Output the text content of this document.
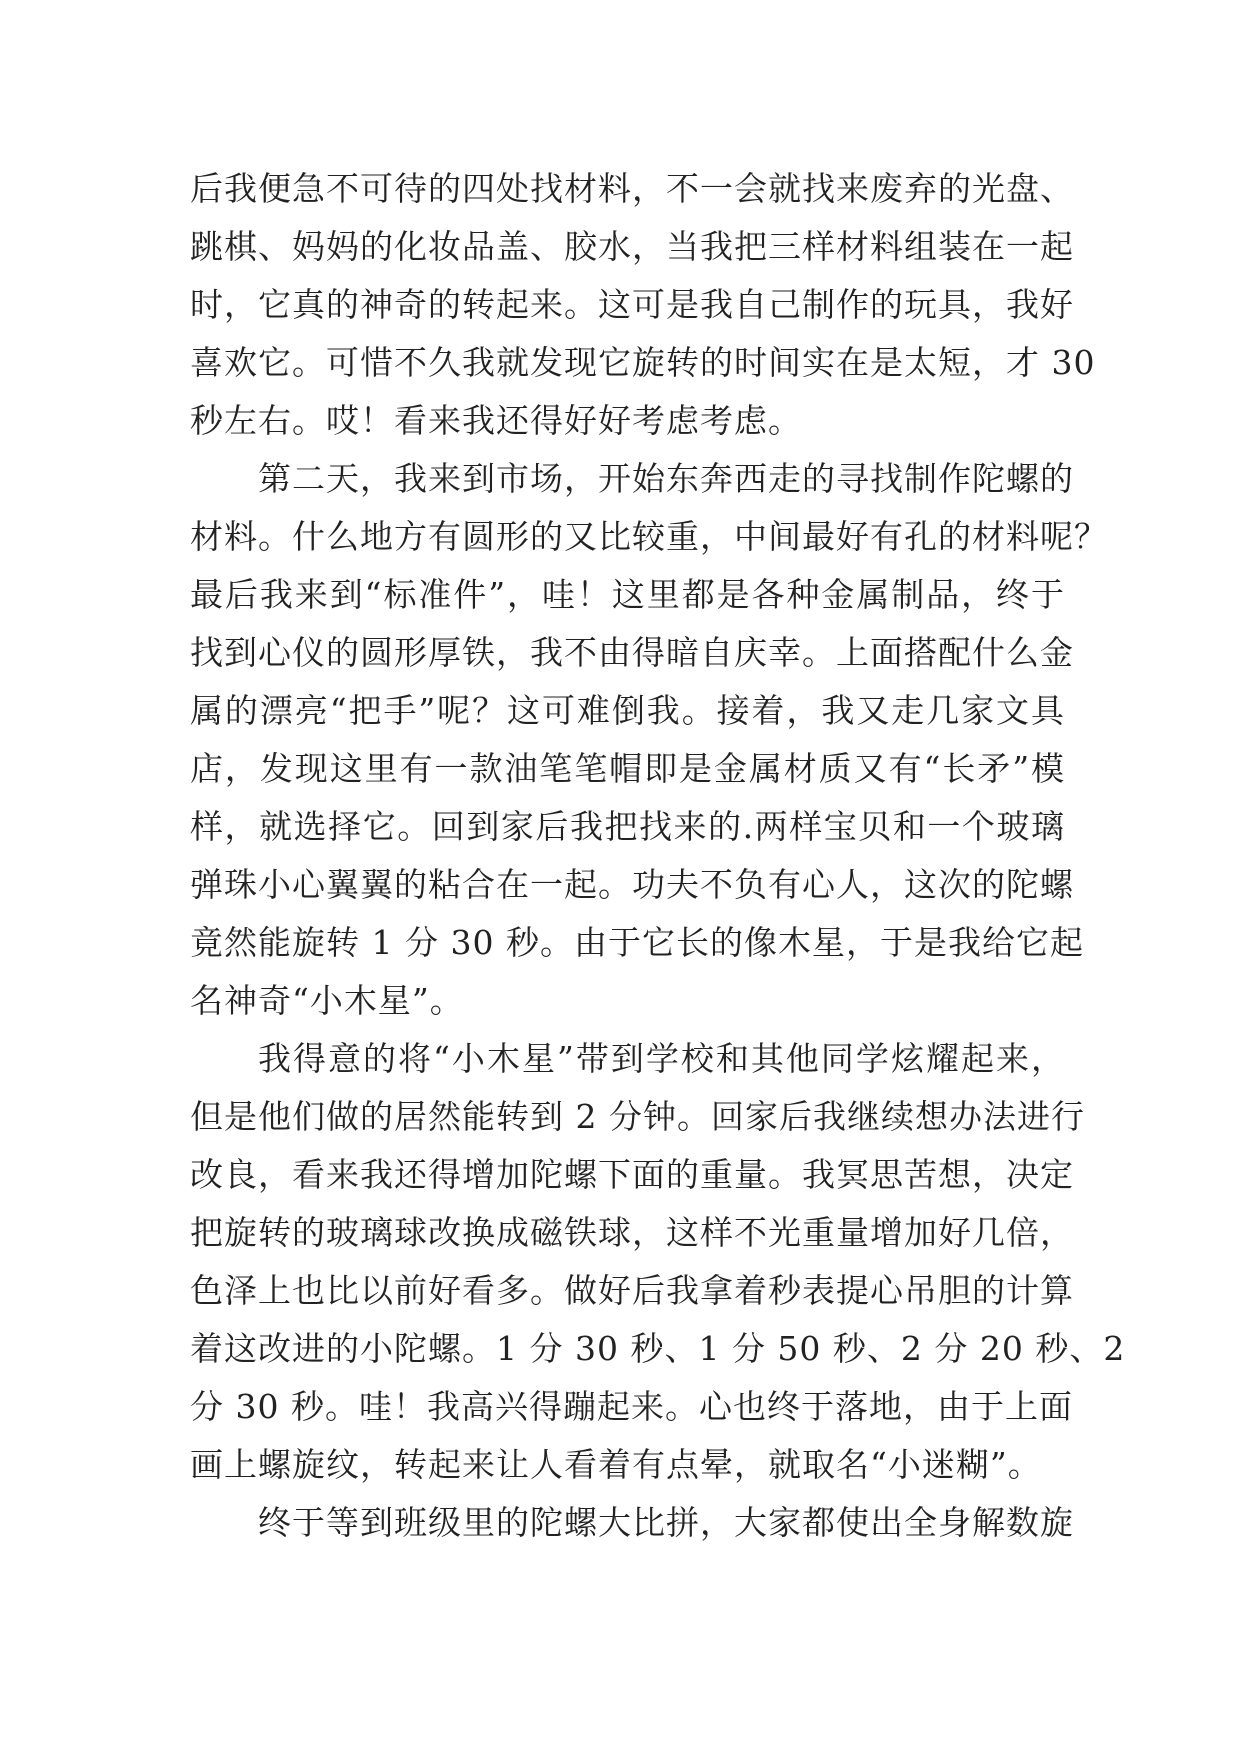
后我便急不可待的四处找材料，不一会就找来废弃的光盘、
跳棋、妈妈的化妆品盖、胶水，当我把三样材料组装在一起
时，它真的神奇的转起来。这可是我自己制作的玩具，我好
喜欢它。可惜不久我就发现它旋转的时间实在是太短，才 30
秒左右。哎！看来我还得好好考虑考虑。
第二天，我来到市场，开始东奔西走的寻找制作陀螺的
材料。什么地方有圆形的又比较重，中间最好有孔的材料呢？
最后我来到“标准件”，哇！这里都是各种金属制品，终于
找到心仪的圆形厚铁，我不由得暗自庆幸。上面搭配什么金
属的漂亮“把手”呢？这可难倒我。接着，我又走几家文具
店，发现这里有一款油笔笔帽即是金属材质又有“长矛”模
样，就选择它。回到家后我把找来的.两样宝贝和一个玻璃
弹珠小心翼翼的粘合在一起。功夫不负有心人，这次的陀螺
竟然能旋转 1 分 30 秒。由于它长的像木星，于是我给它起
名神奇“小木星”。
我得意的将“小木星”带到学校和其他同学炫耀起来，
但是他们做的居然能转到 2 分钟。回家后我继续想办法进行
改良，看来我还得增加陀螺下面的重量。我冥思苦想，决定
把旋转的玻璃球改换成磁铁球，这样不光重量增加好几倍，
色泽上也比以前好看多。做好后我拿着秒表提心吊胆的计算
着这改进的小陀螺。1 分 30 秒、1 分 50 秒、2 分 20 秒、2
分 30 秒。哇！我高兴得蹦起来。心也终于落地，由于上面
画上螺旋纹，转起来让人看着有点晕，就取名“小迷糊”。
终于等到班级里的陀螺大比拼，大家都使出全身解数旋
